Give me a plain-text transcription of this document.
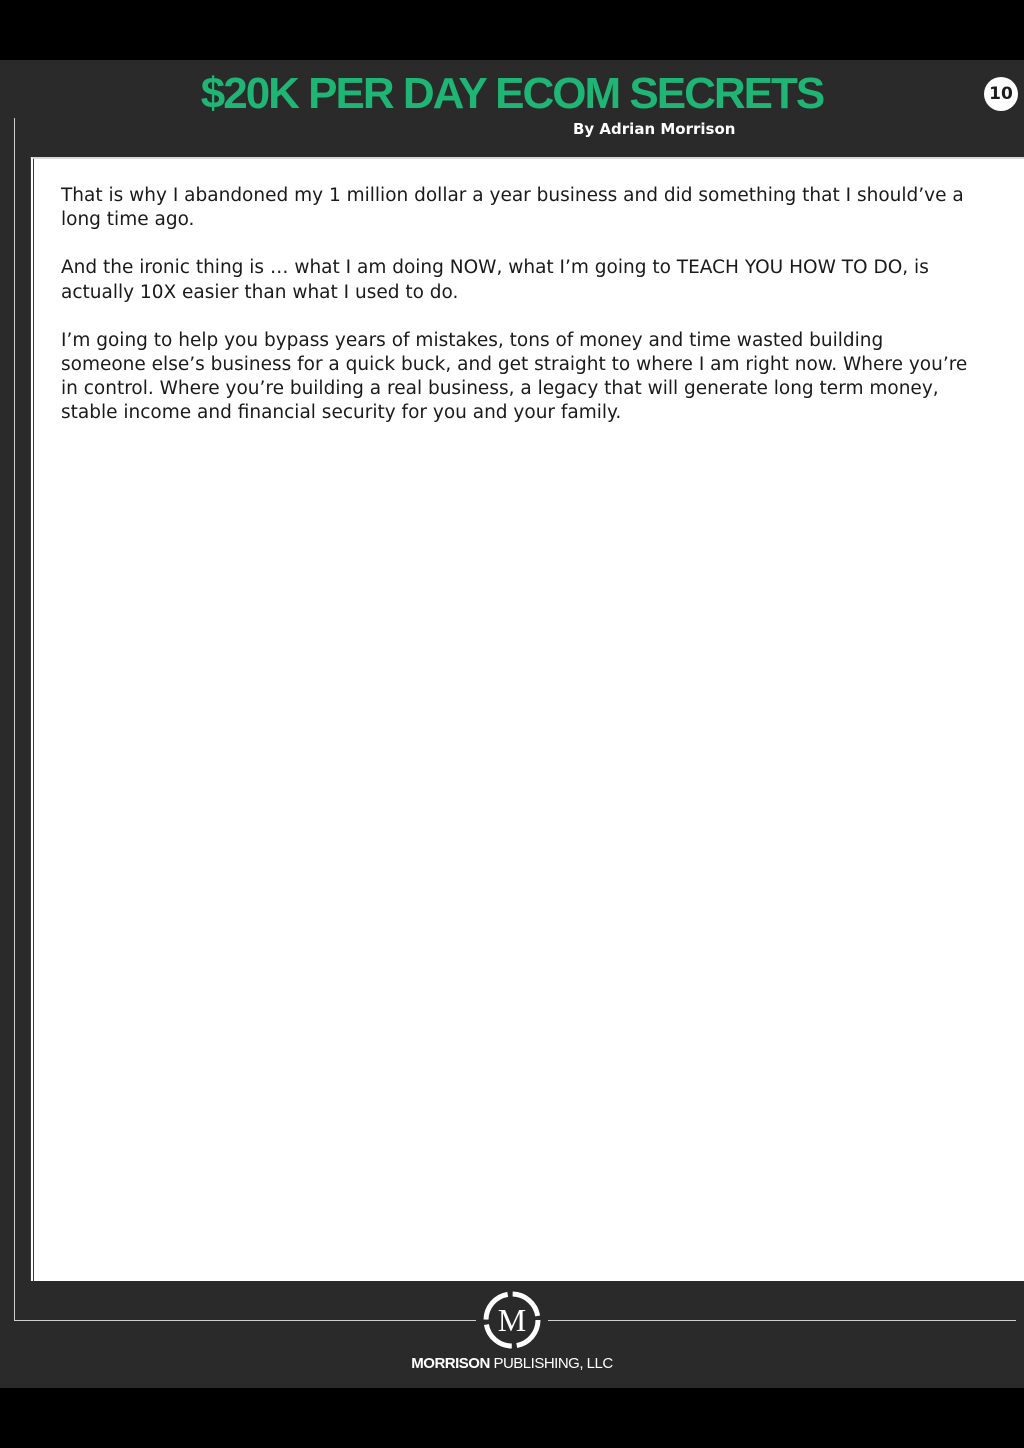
$20K PER DAY ECOM SECRETS
By Adrian Morrison
10

That is why I abandoned my 1 million dollar a year business and did something that I should’ve a long time ago.

And the ironic thing is … what I am doing NOW, what I’m going to TEACH YOU HOW TO DO, is actually 10X easier than what I used to do.

I’m going to help you bypass years of mistakes, tons of money and time wasted building someone else’s business for a quick buck, and get straight to where I am right now. Where you’re in control. Where you’re building a real business, a legacy that will generate long term money, stable income and financial security for you and your family.

M
MORRISON PUBLISHING, LLC
